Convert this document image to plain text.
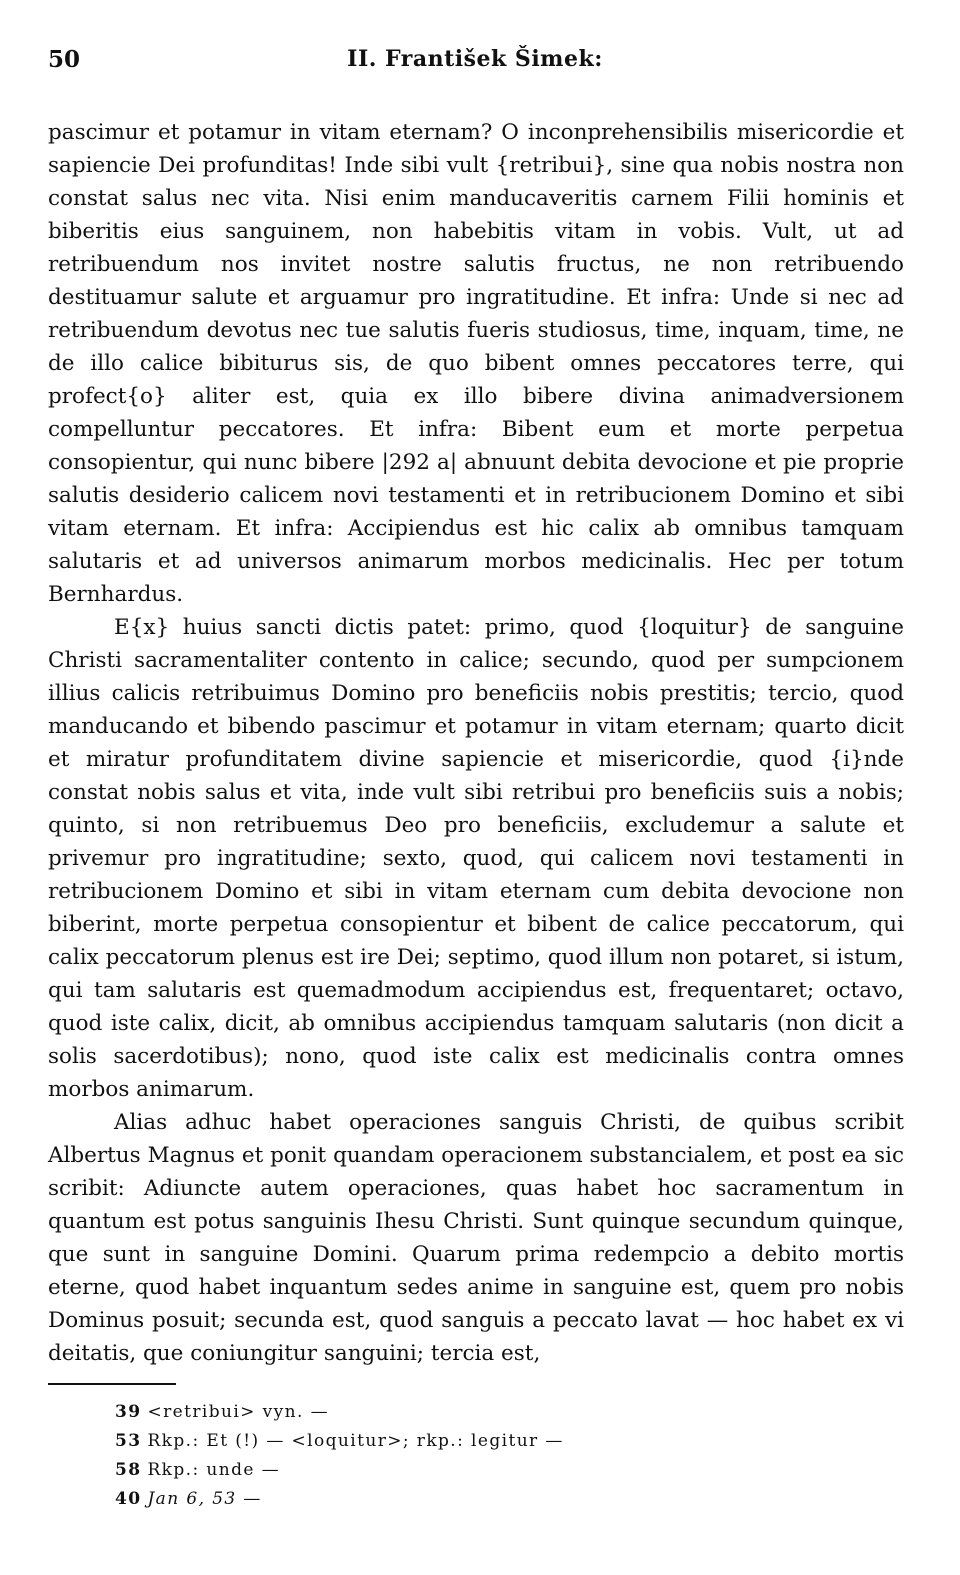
50	II. František Šimek:

pascimur et potamur in vitam eternam? O inconprehensibilis misericordie et sapiencie Dei profunditas! Inde sibi vult {retribui}, sine qua nobis nostra non constat salus nec vita. Nisi enim manducaveritis carnem Filii hominis et biberitis eius sanguinem, non habebitis vitam in vobis. Vult, ut ad retribuendum nos invitet nostre salutis fructus, ne non retribuendo destituamur salute et arguamur pro ingratitudine. Et infra: Unde si nec ad retribuendum devotus nec tue salutis fueris studiosus, time, inquam, time, ne de illo calice bibiturus sis, de quo bibent omnes peccatores terre, qui profect{o} aliter est, quia ex illo bibere divina animadversionem compelluntur peccatores. Et infra: Bibent eum et morte perpetua consopientur, qui nunc bibere |292 a| abnuunt debita devocione et pie proprie salutis desiderio calicem novi testamenti et in retribucionem Domino et sibi vitam eternam. Et infra: Accipiendus est hic calix ab omnibus tamquam salutaris et ad universos animarum morbos medicinalis. Hec per totum Bernhardus.

E{x} huius sancti dictis patet: primo, quod {loquitur} de sanguine Christi sacramentaliter contento in calice; secundo, quod per sumpcionem illius calicis retribuimus Domino pro beneficiis nobis prestitis; tercio, quod manducando et bibendo pascimur et potamur in vitam eternam; quarto dicit et miratur profunditatem divine sapiencie et misericordie, quod {i}nde constat nobis salus et vita, inde vult sibi retribui pro beneficiis suis a nobis; quinto, si non retribuemus Deo pro beneficiis, excludemur a salute et privemur pro ingratitudine; sexto, quod, qui calicem novi testamenti in retribucionem Domino et sibi in vitam eternam cum debita devocione non biberint, morte perpetua consopientur et bibent de calice peccatorum, qui calix peccatorum plenus est ire Dei; septimo, quod illum non potaret, si istum, qui tam salutaris est quemadmodum accipiendus est, frequentaret; octavo, quod iste calix, dicit, ab omnibus accipiendus tamquam salutaris (non dicit a solis sacerdotibus); nono, quod iste calix est medicinalis contra omnes morbos animarum.

Alias adhuc habet operaciones sanguis Christi, de quibus scribit Albertus Magnus et ponit quandam operacionem substancialem, et post ea sic scribit: Adiuncte autem operaciones, quas habet hoc sacramentum in quantum est potus sanguinis Ihesu Christi. Sunt quinque secundum quinque, que sunt in sanguine Domini. Quarum prima redempcio a debito mortis eterne, quod habet inquantum sedes anime in sanguine est, quem pro nobis Dominus posuit; secunda est, quod sanguis a peccato lavat — hoc habet ex vi deitatis, que coniungitur sanguini; tercia est,

39 <retribui> vyn. —
53 Rkp.: Et (!) — <loquitur>; rkp.: legitur —
58 Rkp.: unde —
40 Jan 6, 53 —
